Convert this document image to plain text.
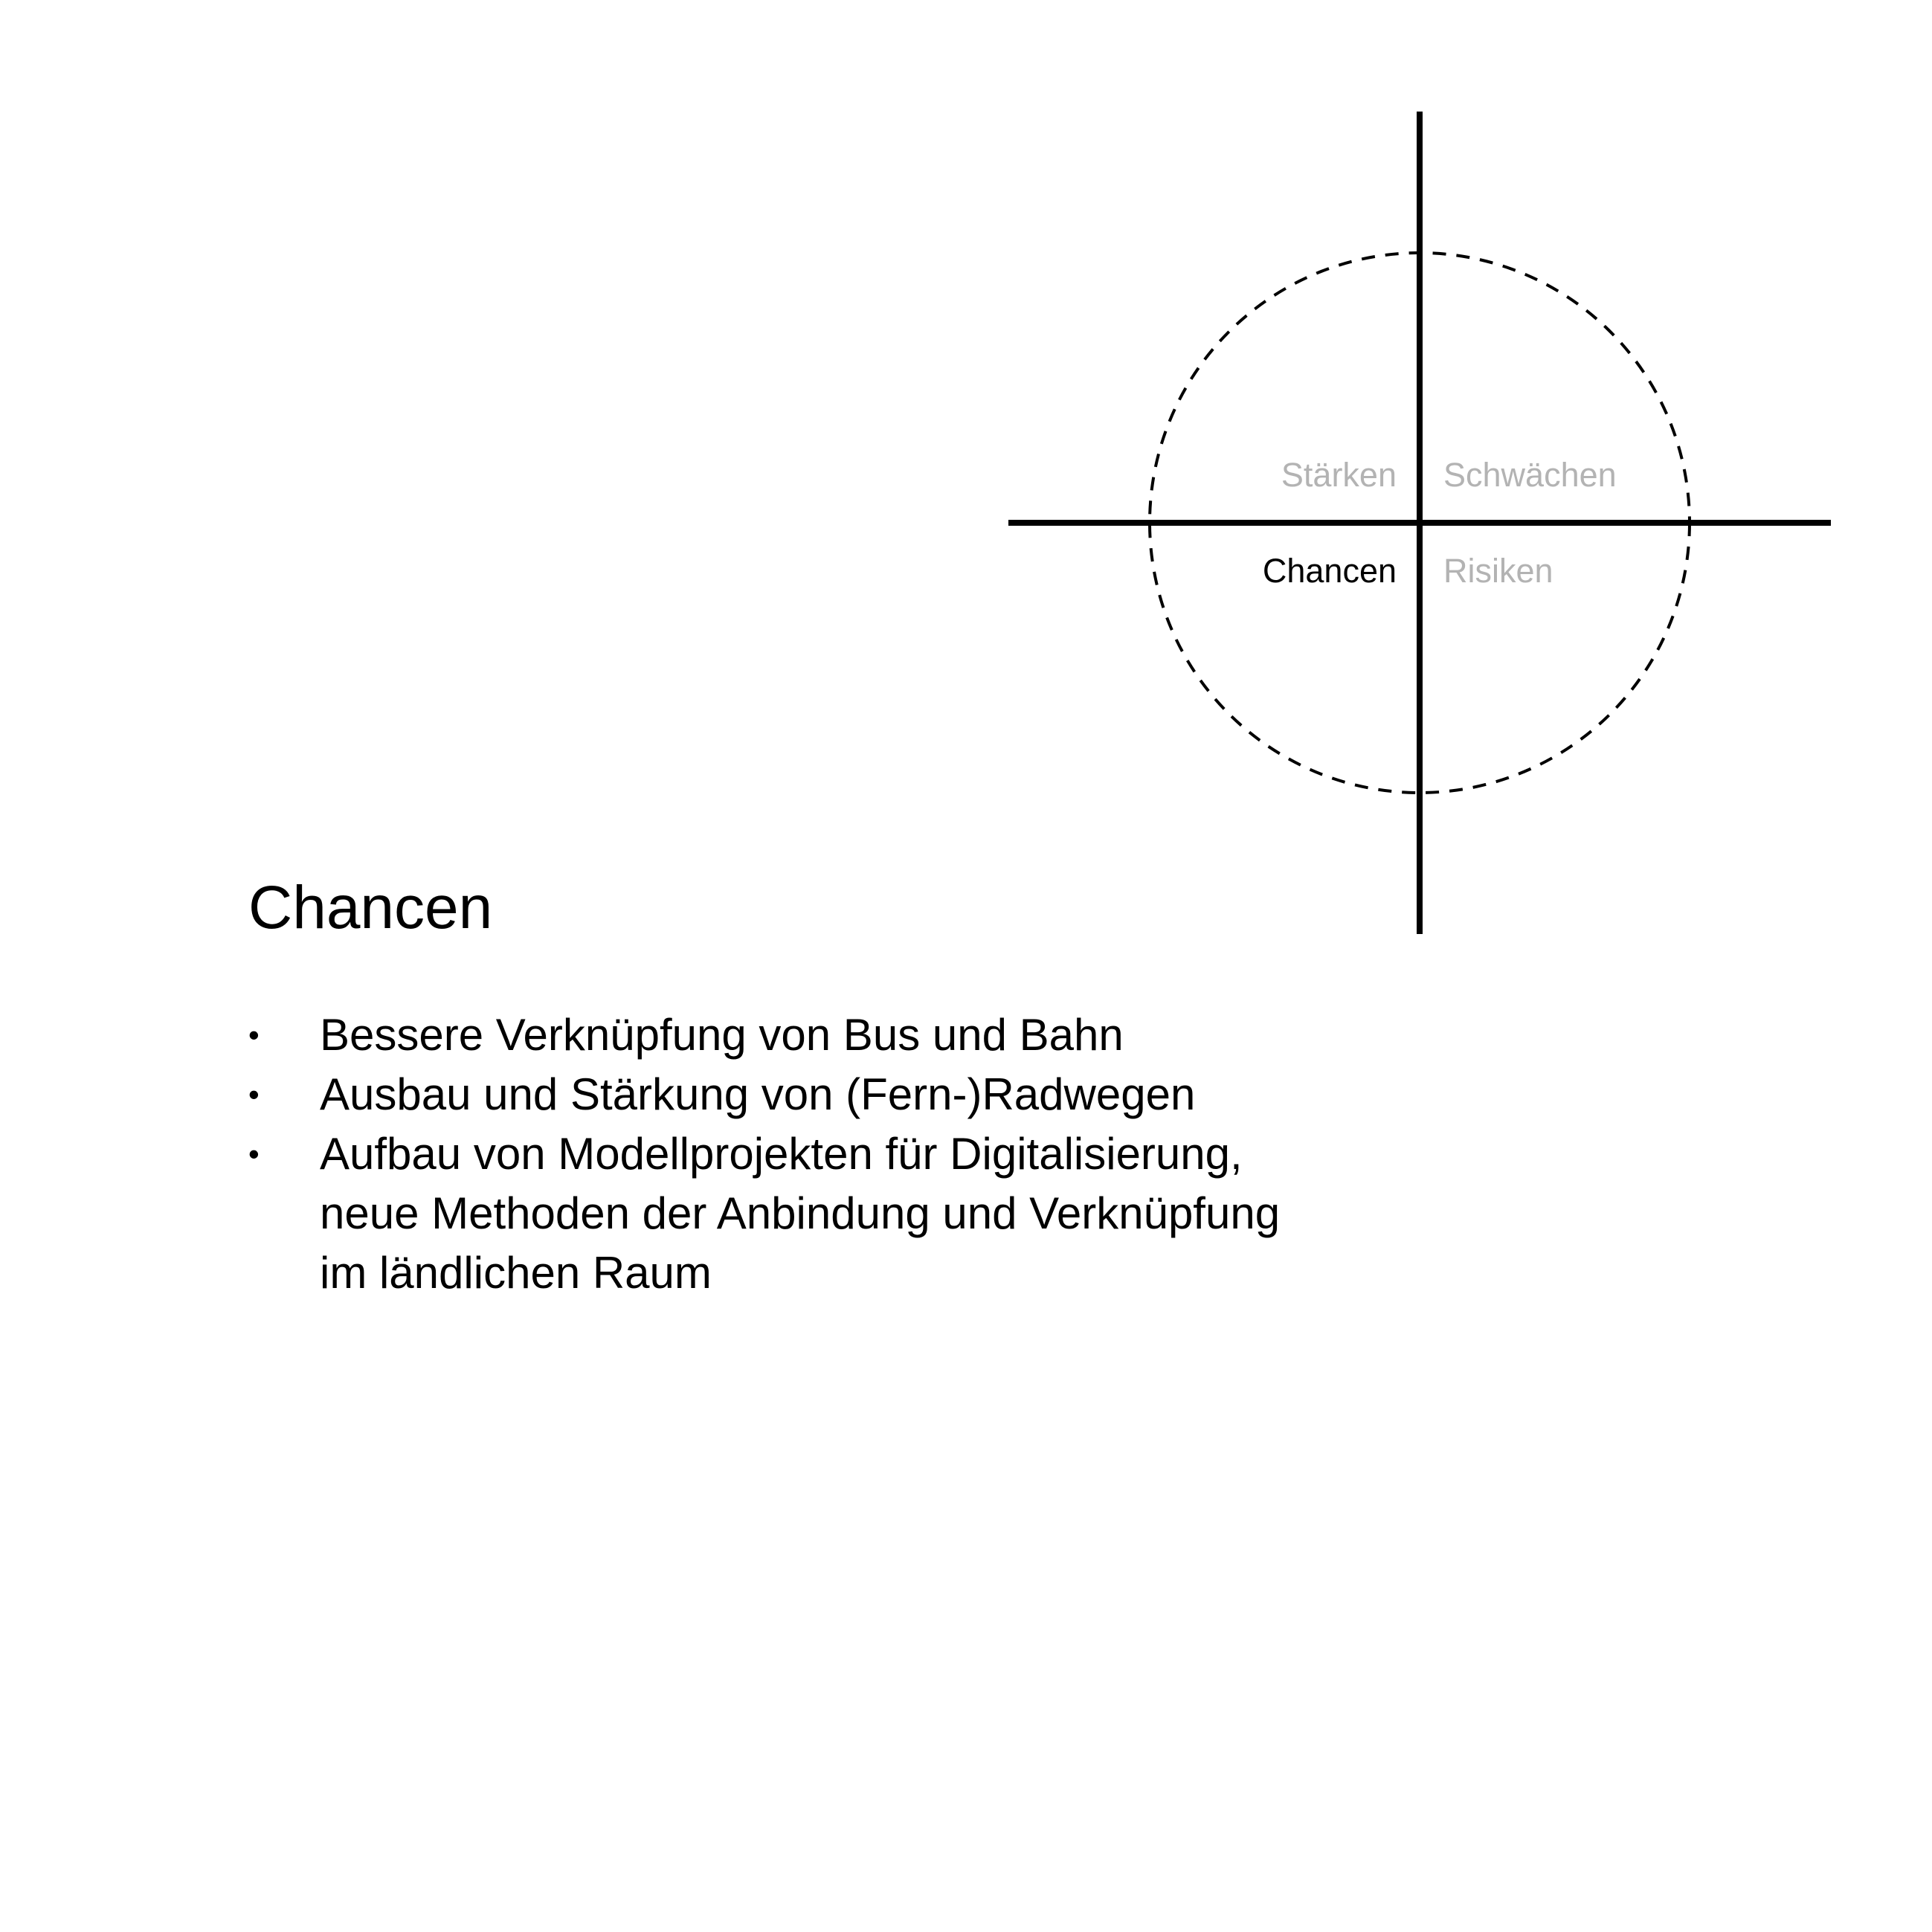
Stärken Schwächen
Chancen Risiken
Chancen
• Bessere Verknüpfung von Bus und Bahn
• Ausbau und Stärkung von (Fern-)Radwegen
• Aufbau von Modellprojekten für Digitalisierung, neue Methoden der Anbindung und Verknüpfung im ländlichen Raum
